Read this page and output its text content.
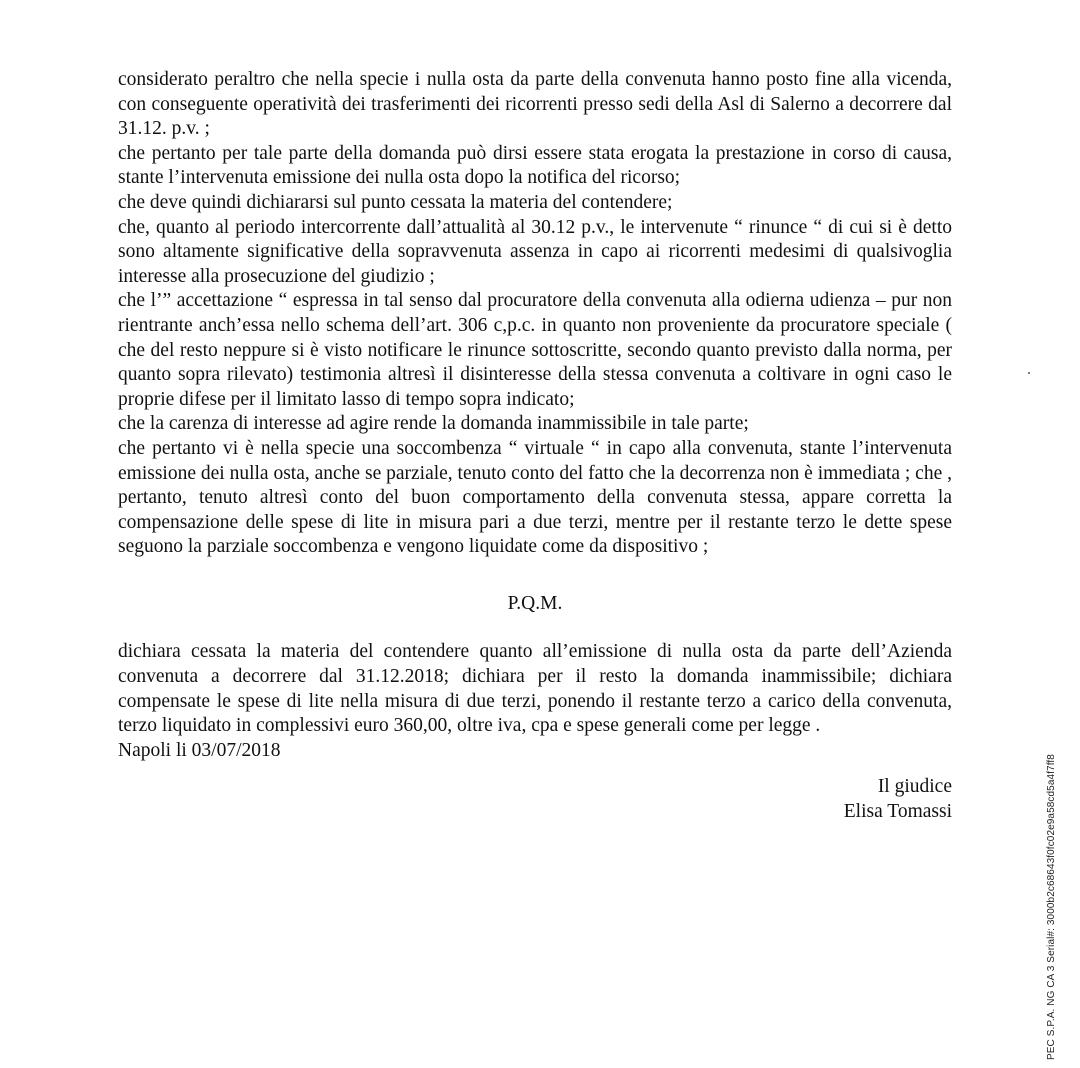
considerato peraltro che nella specie i nulla osta da parte della convenuta hanno posto fine alla vicenda, con conseguente operatività dei trasferimenti dei ricorrenti presso sedi della Asl di Salerno a decorrere dal 31.12. p.v. ;

che pertanto per tale parte della domanda può dirsi essere stata erogata la prestazione in corso di causa, stante l’intervenuta emissione dei nulla osta dopo la notifica del ricorso;

che deve quindi dichiararsi sul punto cessata la materia del contendere;

che, quanto al periodo intercorrente dall’attualità al 30.12 p.v., le intervenute “ rinunce “ di cui si è detto sono altamente significative della sopravvenuta assenza in capo ai ricorrenti medesimi di qualsivoglia interesse alla prosecuzione del giudizio ;

che l’” accettazione “ espressa in tal senso dal procuratore della convenuta alla odierna udienza – pur non rientrante anch’essa nello schema dell’art. 306 c,p.c. in quanto non proveniente da procuratore speciale ( che del resto neppure si è visto notificare le rinunce sottoscritte, secondo quanto previsto dalla norma, per quanto sopra rilevato) testimonia altresì il disinteresse della stessa convenuta a coltivare in ogni caso le proprie difese per il limitato lasso di tempo sopra indicato;

che la carenza di interesse ad agire rende la domanda inammissibile in tale parte;

che pertanto vi è nella specie una soccombenza “ virtuale “ in capo alla convenuta, stante l’intervenuta emissione dei nulla osta, anche se parziale, tenuto conto del fatto che la decorrenza non è immediata ; che , pertanto, tenuto altresì conto del buon comportamento della convenuta stessa, appare corretta la compensazione delle spese di lite in misura pari a due terzi, mentre per il restante terzo le dette spese seguono la parziale soccombenza e vengono liquidate come da dispositivo ;

P.Q.M.

dichiara cessata la materia del contendere quanto all’emissione di nulla osta da parte dell’Azienda convenuta a decorrere dal 31.12.2018; dichiara per il resto la domanda inammissibile; dichiara compensate le spese di lite nella misura di due terzi, ponendo il restante terzo a carico della convenuta, terzo liquidato in complessivi euro 360,00, oltre iva, cpa e spese generali come per legge .

Napoli li 03/07/2018

Il giudice
Elisa Tomassi	PEC S.P.A. NG CA 3 Serial#: 3000b2c68643f0fc02e9a58cd5a4f7ff8
